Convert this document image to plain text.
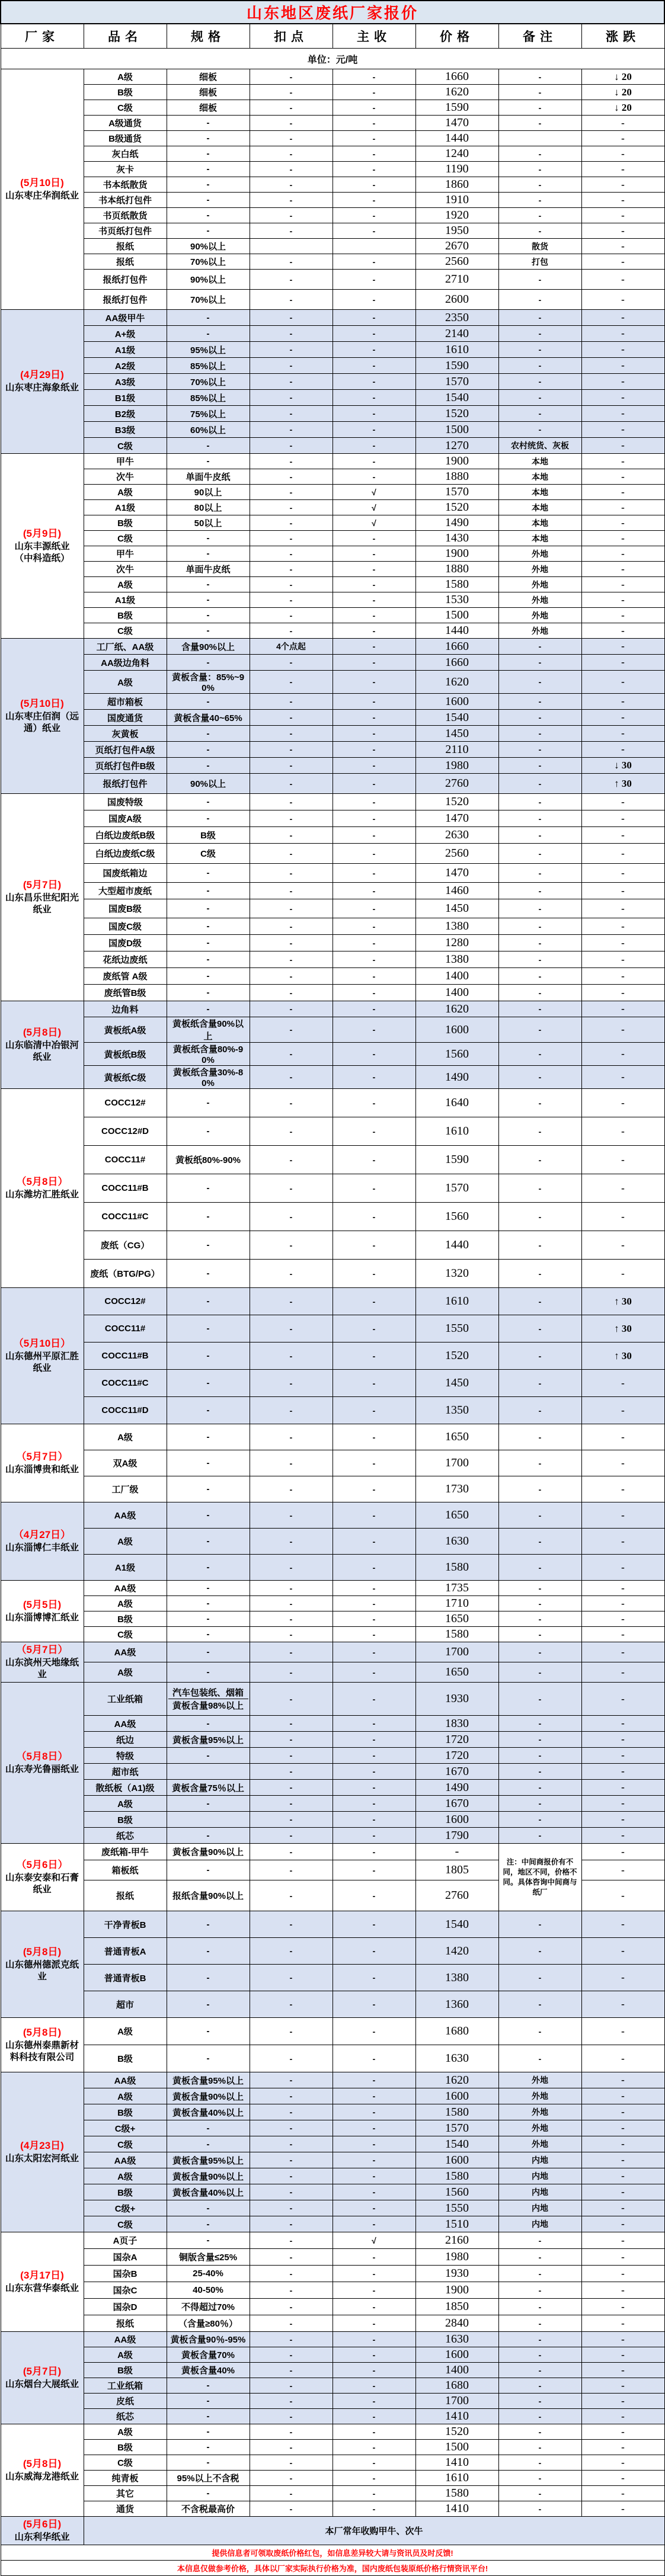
山东地区废纸厂家报价							
厂家	品名	规格	扣点	主收	价格	备注	涨跌
单位：元/吨							

(5月10日)
山东枣庄华润纸业	A级	细板	-	-	1660	-	↓ 20
	B级	细板	-	-	1620	-	↓ 20
	C级	细板	-	-	1590	-	↓ 20
	A级通货	-	-	-	1470	-	-
	B级通货	-	-	-	1440		-
	灰白纸	-	-	-	1240	-	-
	灰卡	-	-	-	1190	-	-
	书本纸散货	-	-	-	1860	-	-
	书本纸打包件	-	-	-	1910	-	-
	书页纸散货	-	-	-	1920	-	-
	书页纸打包件	-	-	-	1950	-	-
	报纸	90%以上			2670	散货	-
	报纸	70%以上	-	-	2560	打包	-
	报纸打包件	90%以上	-	-	2710	-	-
	报纸打包件	70%以上	-	-	2600	-	-

(4月29日)
山东枣庄海象纸业	AA级甲牛	-	-	-	2350	-	-
	A+级	-	-	-	2140	-	-
	A1级	95%以上	-	-	1610	-	-
	A2级	85%以上	-	-	1590	-	-
	A3级	70%以上	-	-	1570	-	-
	B1级	85%以上	-	-	1540	-	-
	B2级	75%以上	-	-	1520	-	-
	B3级	60%以上	-	-	1500	-	-
	C级	-	-	-	1270	农村统货、灰板	-

(5月9日)
山东丰源纸业
（中科造纸）	甲牛	-	-	-	1900	本地	-
	次牛	单面牛皮纸	-	-	1880	本地	-
	A级	90以上	-	√	1570	本地	-
	A1级	80以上	-	√	1520	本地	-
	B级	50以上	-	√	1490	本地	-
	C级	-	-	-	1430	本地	-
	甲牛	-	-	-	1900	外地	-
	次牛	单面牛皮纸	-	-	1880	外地	-
	A级	-	-	-	1580	外地	-
	A1级	-	-	-	1530	外地	-
	B级	-	-	-	1500	外地	-
	C级	-	-	-	1440	外地	-

(5月10日)
山东枣庄佰润（远通）纸业	工厂纸、AA级	含量90%以上	4个点起	-	1660	-	-
	AA级边角料	-	-	-	1660	-	-
	A级	黄板含量：85%~90%	-	-	1620	-	-
	超市箱板	-	-	-	1600	-	-
	国废通货	黄板含量40~65%	-	-	1540	-	-
	灰黄板	-	-	-	1450	-	-
	页纸打包件A级	-	-	-	2110	-	-
	页纸打包件B级	-	-	-	1980	-	↓ 30
	报纸打包件	90%以上	-	-	2760	-	↑ 30

(5月7日)
山东昌乐世纪阳光纸业	国废特级	-	-	-	1520	-	-
	国废A级	-	-	-	1470	-	-
	白纸边废纸B级	B级	-	-	2630	-	-
	白纸边废纸C级	C级	-	-	2560	-	-
	国废纸箱边	-	-	-	1470	-	-
	大型超市废纸	-	-	-	1460	-	-
	国废B级	-	-	-	1450	-	-
	国废C级	-	-	-	1380	-	-
	国废D级	-	-	-	1280	-	-
	花纸边废纸	-	-	-	1380	-	-
	废纸管 A级	-	-	-	1400	-	-
	废纸管B级	-	-	-	1400	-	-

(5月8日)
山东临清中冶银河纸业	边角料	-	-	-	1620	-	-
	黄板纸A级	黄板纸含量90%以上	-	-	1600	-	-
	黄板纸B级	黄板纸含量80%-90%	-	-	1560	-	-
	黄板纸C级	黄板纸含量30%-80%	-	-	1490	-	-

（5月8日）
山东潍坊汇胜纸业	COCC12#	-	-	-	1640	-	-
	COCC12#D	-	-	-	1610	-	-
	COCC11#	黄板纸80%-90%	-	-	1590	-	-
	COCC11#B	-	-	-	1570	-	-
	COCC11#C	-	-	-	1560	-	-
	废纸（CG）	-	-	-	1440	-	-
	废纸（BTG/PG）	-	-	-	1320	-	-

（5月10日）
山东德州平原汇胜纸业	COCC12#	-	-	-	1610	-	↑ 30
	COCC11#	-	-	-	1550	-	↑ 30
	COCC11#B	-	-	-	1520	-	↑ 30
	COCC11#C	-	-	-	1450	-	-
	COCC11#D	-	-	-	1350	-	-

（5月7日）
山东淄博贵和纸业	A级	-	-	-	1650	-	-
	双A级	-	-	-	1700	-	-
	工厂级	-	-	-	1730	-	-

（4月27日）
山东淄博仁丰纸业	AA级	-	-	-	1650	-	-
	A级	-	-	-	1630	-	-
	A1级	-	-	-	1580	-	-

(5月5日)
山东淄博博汇纸业	AA级	-	-	-	1735	-	-
	A级	-	-	-	1710	-	-
	B级	-	-	-	1650	-	-
	C级	-	-	-	1580	-	-

（5月7日）
山东滨州天地缘纸业	AA级	-	-	-	1700	-	-
	A级	-	-	-	1650	-	-

（5月8日）
山东寿光鲁丽纸业
	工业纸箱	
汽车包装纸、烟箱
黄板含量98%以上
	-	-	1930	-	-
	AA级	-	-	-	1830	-	-
	纸边	黄板含量95%以上	-	-	1720	-	-
	特级	-	-	-	1720	-	-
	超市纸		-	-	1670	-	-
	散纸板（A1)级	黄板含量75％以上	-	-	1490	-	-
	A级	-	-	-	1670	-	-
	B级		-	-	1600	-	-
	纸芯	-	-	-	1790	-	-

（5月6日）
山东泰安泰和石膏纸业	废纸箱-甲牛	黄板含量90%以上	-	-	-	注：中间商报价有不同，地区不同，价格不同。具体咨询中间商与纸厂	-
	箱板纸	-	-	-	1805		-
	报纸	报纸含量90%以上	-	-	2760		-

(5月8日)
山东德州德派克纸业	干净青板B	-	-	-	1540	-	-
	普通青板A	-	-	-	1420	-	-
	普通青板B	-	-	-	1380	-	-
	超市	-	-	-	1360	-	-

(5月8日)
山东德州泰鼎新材料科技有限公司	A级	-	-	-	1680	-	-
	B级	-	-	-	1630	-	-

(4月23日)
山东太阳宏河纸业	AA级	黄板含量95%以上	-	-	1620	外地	-
	A级	黄板含量90%以上	-	-	1600	外地	-
	B级	黄板含量40%以上	-	-	1580	外地	-
	C级+	-	-	-	1570	外地	-
	C级	-	-	-	1540	外地	-
	AA级	黄板含量95%以上	-	-	1600	内地	-
	A级	黄板含量90%以上	-	-	1580	内地	-
	B级	黄板含量40%以上	-	-	1560	内地	-
	C级+	-	-	-	1550	内地	-
	C级	-	-	-	1510	内地	-

(3月17日)
山东东营华泰纸业	A页子	-	-	√	2160	-	-
	国杂A	铜版含量≤25%	-	-	1980	-	-
	国杂B	25-40%	-	-	1930	-	-
	国杂C	40-50%	-	-	1900	-	-
	国杂D	不得超过70%	-	-	1850	-	-
	报纸	（含量≥80％）	-	-	2840	-	-

(5月7日)
山东烟台大展纸业	AA级	黄板含量90％-95%	-	-	1630	-	-
	A级	黄板含量70%	-	-	1600	-	-
	B级	黄板含量40%	-	-	1400	-	-
	工业纸箱	-	-	-	1680	-	-
	皮纸	-	-	-	1700	-	-
	纸芯	-	-	-	1410	-	-

(5月8日)
山东威海龙港纸业	A级	-	-	-	1520	-	-
	B级	-	-	-	1500	-	-
	C级	-	-	-	1410	-	-
	纯青板	95%以上不含税	-	-	1610	-	-
	其它	-	-	-	1580	-	-
	通货	不含税最高价	-	-	1410	-	-

(5月6日)
山东利华纸业	本厂常年收购甲牛、次牛						
提供信息者可领取废纸价格红包，如信息差异较大请与资讯员及时反馈!							
本信息仅做参考价格，具体以厂家实际执行价格为准，国内废纸包装原纸价格行情资讯平台!							
